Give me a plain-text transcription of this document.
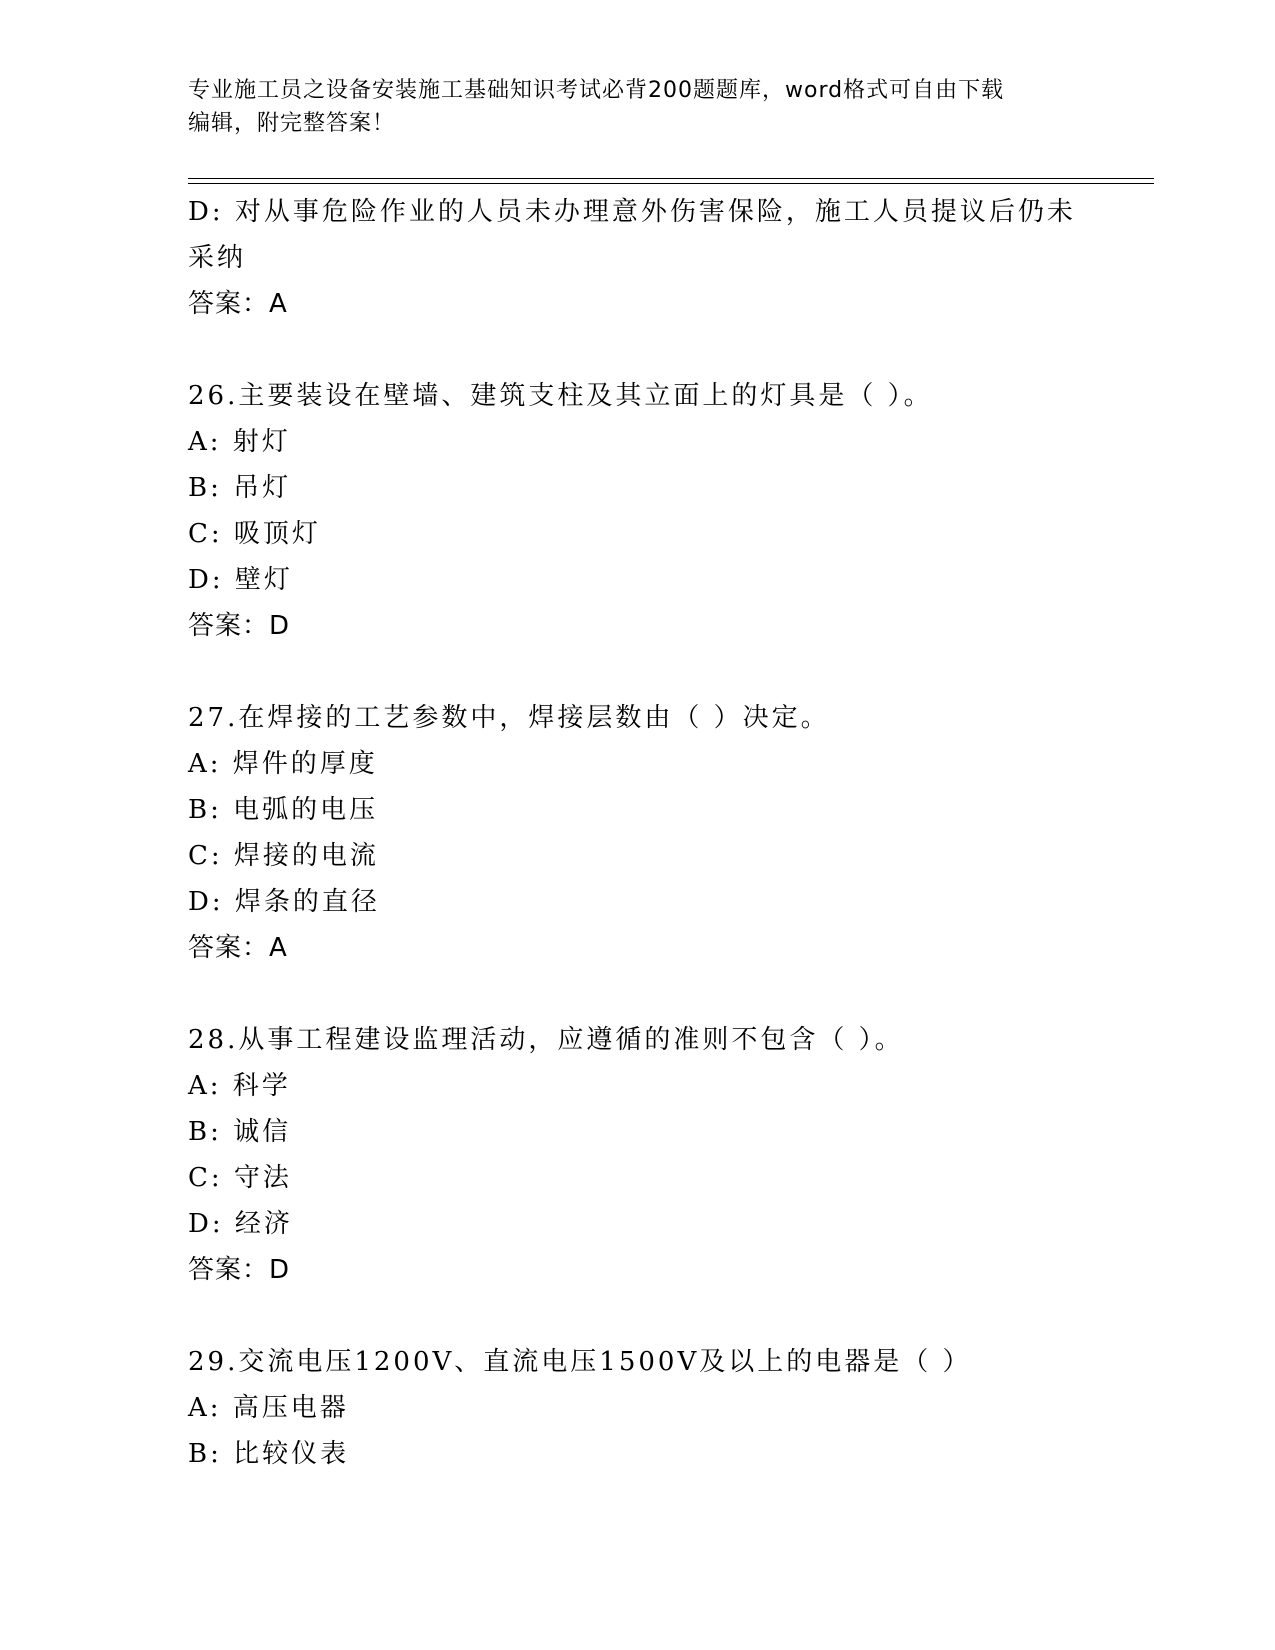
专业施工员之设备安装施工基础知识考试必背200题题库，word格式可自由下载
编辑，附完整答案！
D: 对从事危险作业的人员未办理意外伤害保险，施工人员提议后仍未
采纳
答案：A
26.主要装设在壁墙、建筑支柱及其立面上的灯具是（ ）。
A: 射灯
B: 吊灯
C: 吸顶灯
D: 壁灯
答案：D
27.在焊接的工艺参数中，焊接层数由（ ）决定。
A: 焊件的厚度
B: 电弧的电压
C: 焊接的电流
D: 焊条的直径
答案：A
28.从事工程建设监理活动，应遵循的准则不包含（ ）。
A: 科学
B: 诚信
C: 守法
D: 经济
答案：D
29.交流电压1200V、直流电压1500V及以上的电器是（ ）
A: 高压电器
B: 比较仪表
